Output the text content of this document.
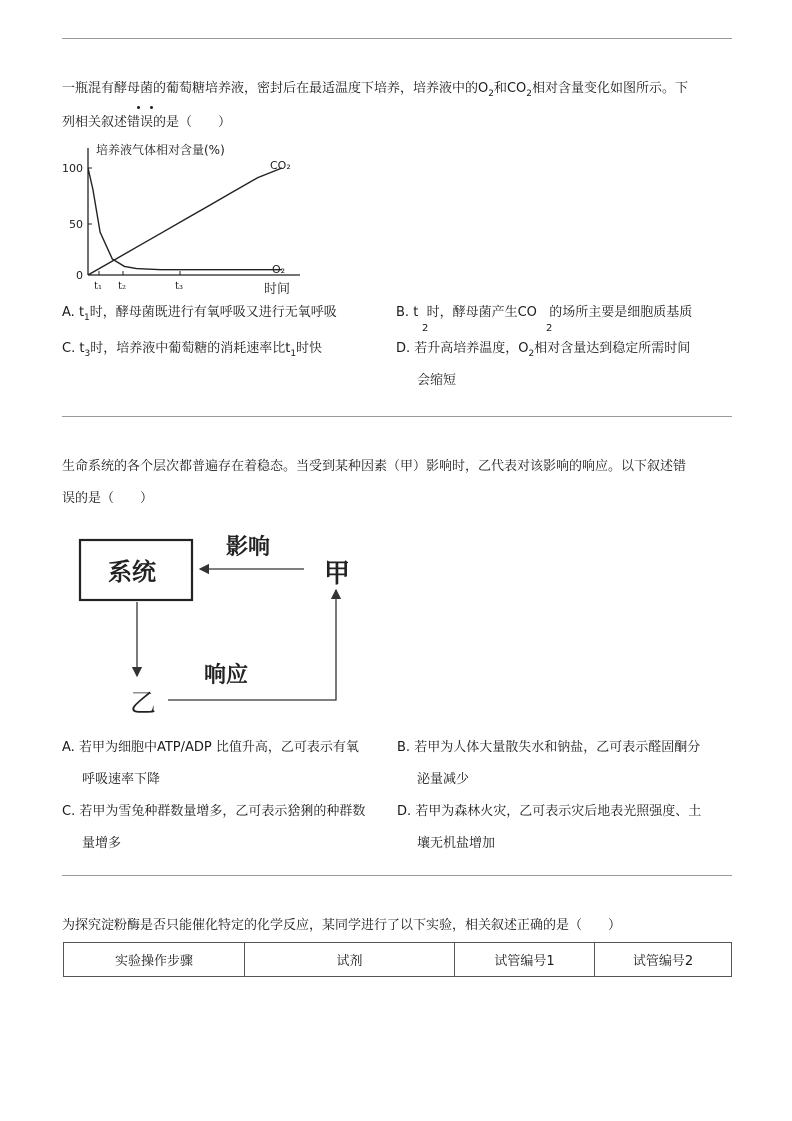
一瓶混有酵母菌的葡萄糖培养液，密封后在最适温度下培养，培养液中的$O_2$和$CO_2$相对含量变化如图所示。下
列相关叙述错误的是（　　）
100
50
0
t₁ t₂	t₃
培养液气体相对含量(%)
时间
CO₂
O₂
A. $t_1$时，酵母菌既进行有氧呼吸又进行无氧呼吸	B. t  时，酵母菌产生CO   的场所主要是细胞质基质
2	2
C. $t_3$时，培养液中葡萄糖的消耗速率比$t_1$时快	D. 若升高培养温度，$O_2$相对含量达到稳定所需时间
会缩短
生命系统的各个层次都普遍存在着稳态。当受到某种因素（甲）影响时，乙代表对该影响的响应。以下叙述错
误的是（　　）
系统
影响
甲
乙
响应
A. 若甲为细胞中ATP/ADP 比值升高，乙可表示有氧
呼吸速率下降
B. 若甲为人体大量散失水和钠盐，乙可表示醛固酮分
泌量减少
C. 若甲为雪兔种群数量增多，乙可表示猞猁的种群数
量增多
D. 若甲为森林火灾，乙可表示灾后地表光照强度、土
壤无机盐增加
为探究淀粉酶是否只能催化特定的化学反应，某同学进行了以下实验，相关叙述正确的是（　　）
实验操作步骤	试剂	试管编号1	试管编号2
